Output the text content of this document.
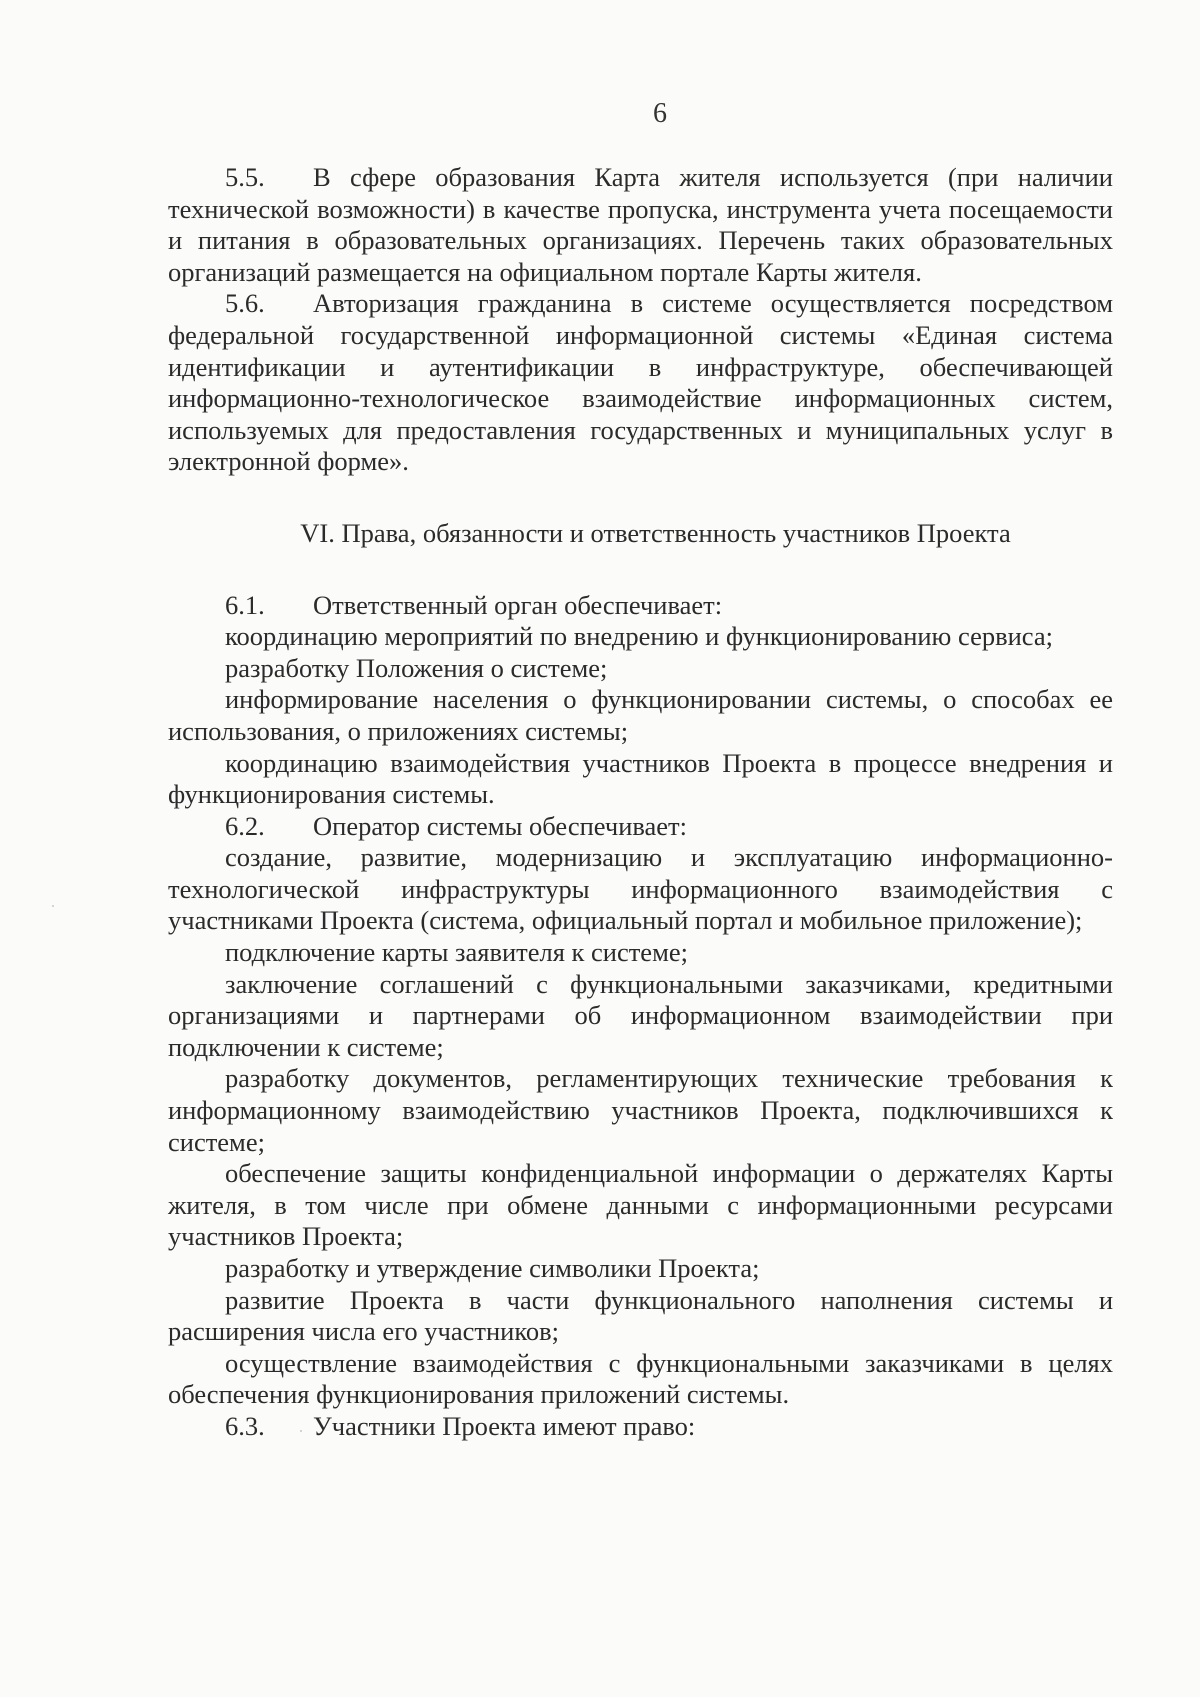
6

5.5. В сфере образования Карта жителя используется (при наличии технической возможности) в качестве пропуска, инструмента учета посещаемости и питания в образовательных организациях. Перечень таких образовательных организаций размещается на официальном портале Карты жителя.

5.6. Авторизация гражданина в системе осуществляется посредством федеральной государственной информационной системы «Единая система идентификации и аутентификации в инфраструктуре, обеспечивающей информационно-технологическое взаимодействие информационных систем, используемых для предоставления государственных и муниципальных услуг в электронной форме».

VI. Права, обязанности и ответственность участников Проекта

6.1. Ответственный орган обеспечивает:

координацию мероприятий по внедрению и функционированию сервиса;

разработку Положения о системе;

информирование населения о функционировании системы, о способах ее использования, о приложениях системы;

координацию взаимодействия участников Проекта в процессе внедрения и функционирования системы.

6.2. Оператор системы обеспечивает:

создание, развитие, модернизацию и эксплуатацию информационно-технологической инфраструктуры информационного взаимодействия с участниками Проекта (система, официальный портал и мобильное приложение);

подключение карты заявителя к системе;

заключение соглашений с функциональными заказчиками, кредитными организациями и партнерами об информационном взаимодействии при подключении к системе;

разработку документов, регламентирующих технические требования к информационному взаимодействию участников Проекта, подключившихся к системе;

обеспечение защиты конфиденциальной информации о держателях Карты жителя, в том числе при обмене данными с информационными ресурсами участников Проекта;

разработку и утверждение символики Проекта;

развитие Проекта в части функционального наполнения системы и расширения числа его участников;

осуществление взаимодействия с функциональными заказчиками в целях обеспечения функционирования приложений системы.

6.3. Участники Проекта имеют право:
